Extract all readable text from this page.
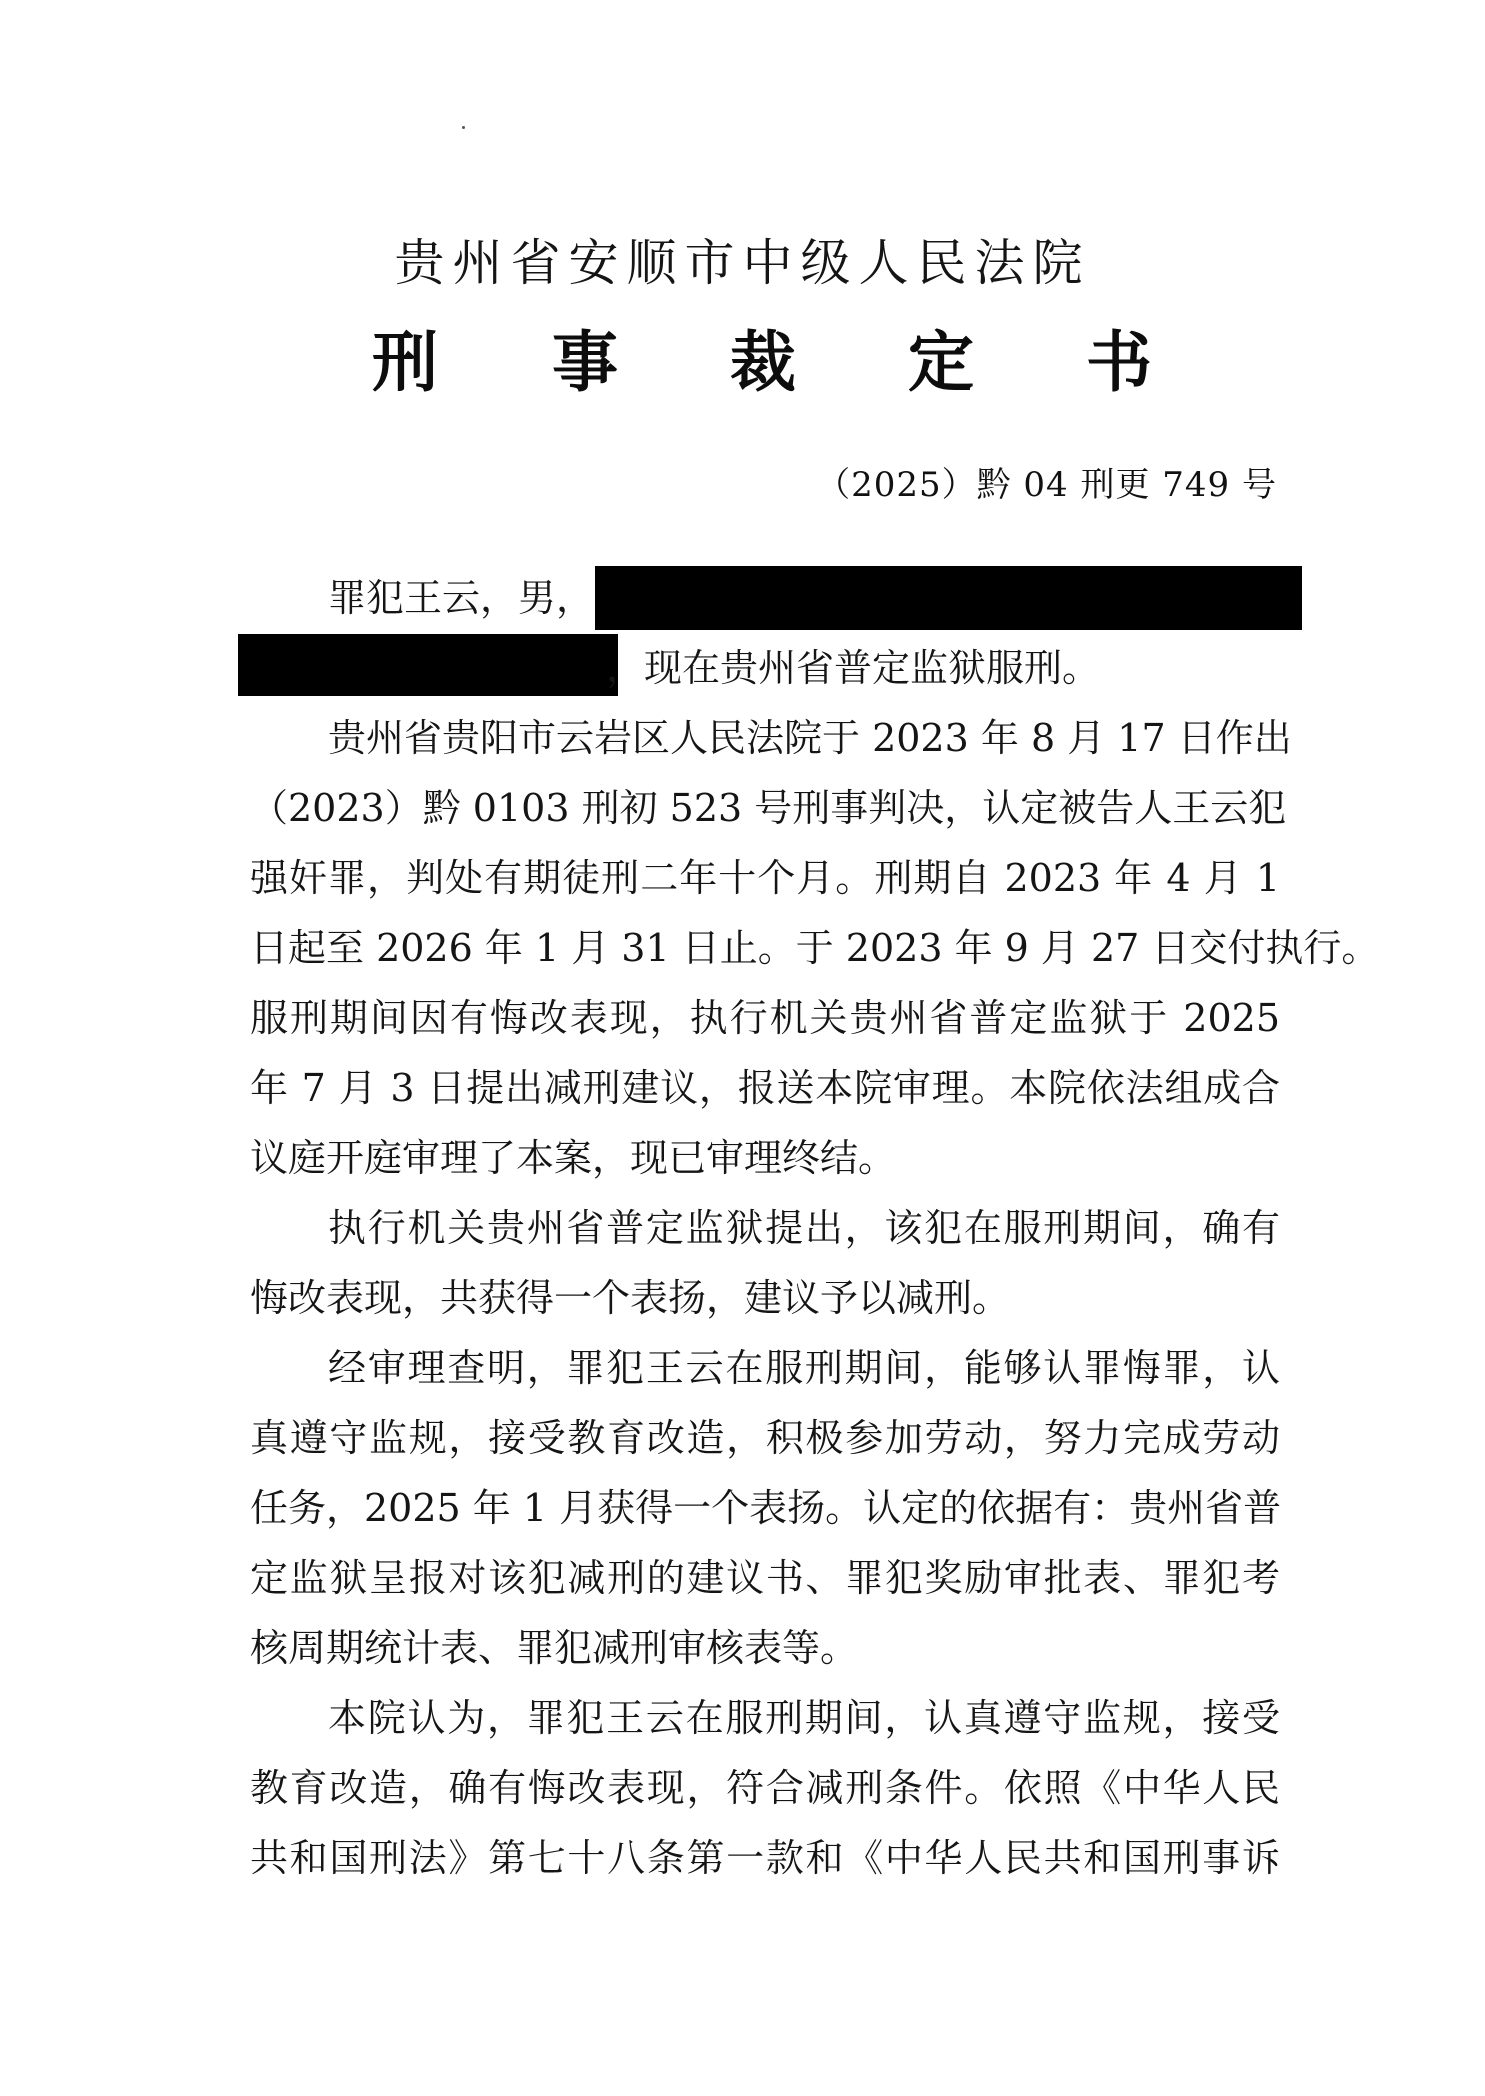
贵州省安顺市中级人民法院
刑 事 裁 定 书
（2025）黔 04 刑更 749 号
罪犯王云，男，
，现在贵州省普定监狱服刑。
贵州省贵阳市云岩区人民法院于 2023 年 8 月 17 日作出
（2023）黔 0103 刑初 523 号刑事判决，认定被告人王云犯
强奸罪，判处有期徒刑二年十个月。刑期自 2023 年 4 月 1
日起至 2026 年 1 月 31 日止。于 2023 年 9 月 27 日交付执行。
服刑期间因有悔改表现，执行机关贵州省普定监狱于 2025
年 7 月 3 日提出减刑建议，报送本院审理。本院依法组成合
议庭开庭审理了本案，现已审理终结。
执行机关贵州省普定监狱提出，该犯在服刑期间，确有
悔改表现，共获得一个表扬，建议予以减刑。
经审理查明，罪犯王云在服刑期间，能够认罪悔罪，认
真遵守监规，接受教育改造，积极参加劳动，努力完成劳动
任务，2025 年 1 月获得一个表扬。认定的依据有：贵州省普
定监狱呈报对该犯减刑的建议书、罪犯奖励审批表、罪犯考
核周期统计表、罪犯减刑审核表等。
本院认为，罪犯王云在服刑期间，认真遵守监规，接受
教育改造，确有悔改表现，符合减刑条件。依照《中华人民
共和国刑法》第七十八条第一款和《中华人民共和国刑事诉
